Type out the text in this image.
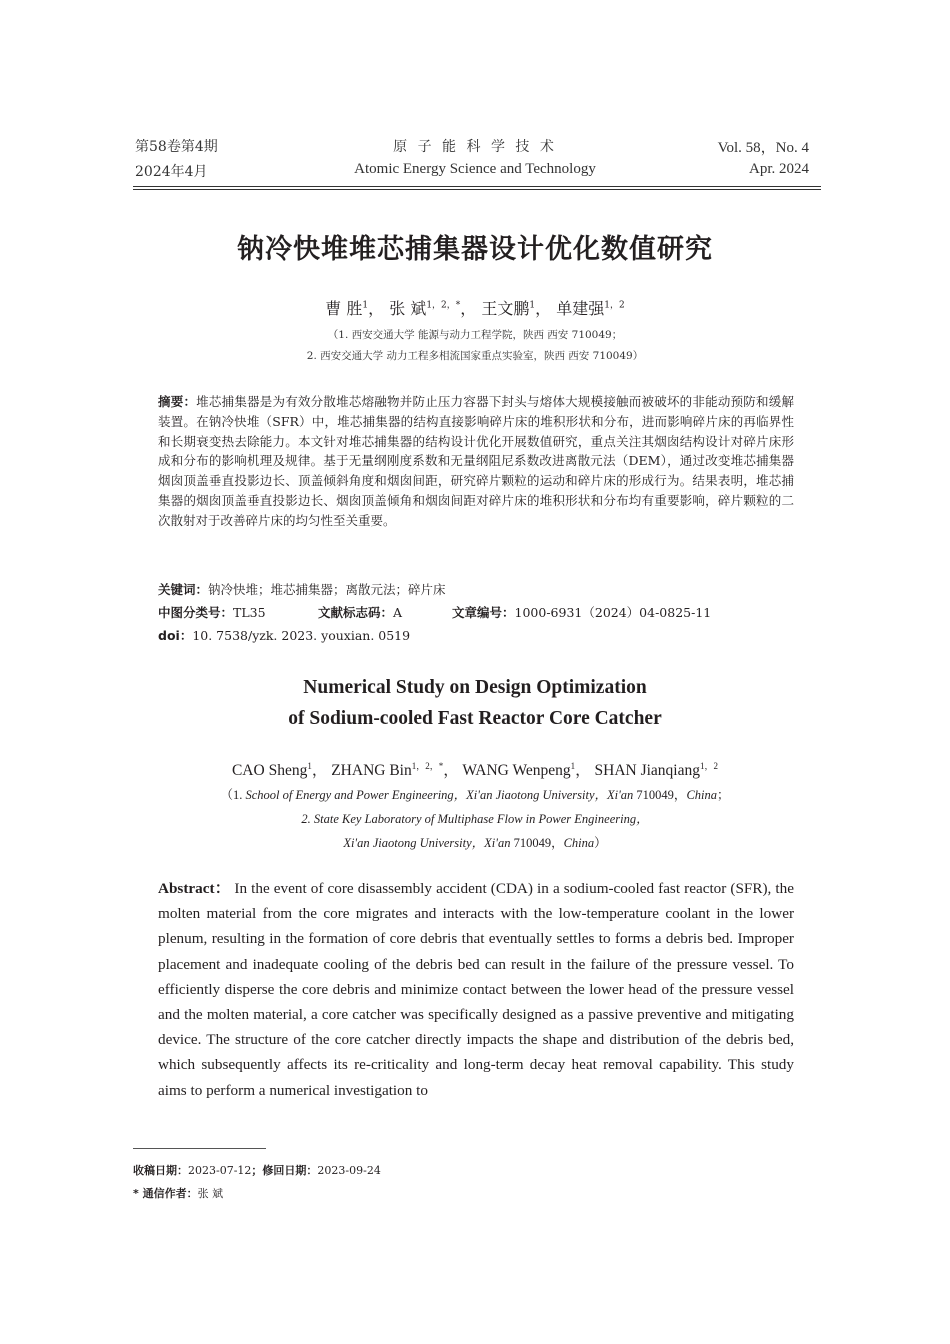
第58卷第4期
2024年4月
原 子 能 科 学 技 术
Atomic Energy Science and Technology
Vol. 58，No. 4
Apr. 2024
钠冷快堆堆芯捕集器设计优化数值研究
曹 胜$^1$， 张 斌$^{1,2,*}$， 王文鹏$^1$， 单建强$^{1,2}$
（1. 西安交通大学 能源与动力工程学院，陕西 西安 710049；
2. 西安交通大学 动力工程多相流国家重点实验室，陕西 西安 710049）
摘要：堆芯捕集器是为有效分散堆芯熔融物并防止压力容器下封头与熔体大规模接触而被破坏的非能动预防和缓解装置。在钠冷快堆（SFR）中，堆芯捕集器的结构直接影响碎片床的堆积形状和分布，进而影响碎片床的再临界性和长期衰变热去除能力。本文针对堆芯捕集器的结构设计优化开展数值研究，重点关注其烟囱结构设计对碎片床形成和分布的影响机理及规律。基于无量纲刚度系数和无量纲阻尼系数改进离散元法（DEM），通过改变堆芯捕集器烟囱顶盖垂直投影边长、顶盖倾斜角度和烟囱间距，研究碎片颗粒的运动和碎片床的形成行为。结果表明，堆芯捕集器的烟囱顶盖垂直投影边长、烟囱顶盖倾角和烟囱间距对碎片床的堆积形状和分布均有重要影响，碎片颗粒的二次散射对于改善碎片床的均匀性至关重要。
关键词：钠冷快堆；堆芯捕集器；离散元法；碎片床
中图分类号：TL35	文献标志码：A	文章编号：1000-6931（2024）04-0825-11
doi：10. 7538/yzk. 2023. youxian. 0519
Numerical Study on Design Optimization
of Sodium-cooled Fast Reactor Core Catcher
CAO Sheng$^1$， ZHANG Bin$^{1,2,*}$， WANG Wenpeng$^1$， SHAN Jianqiang$^{1,2}$
（1. School of Energy and Power Engineering，Xi'an Jiaotong University，Xi'an 710049，China；
2. State Key Laboratory of Multiphase Flow in Power Engineering，
Xi'an Jiaotong University，Xi'an 710049，China）
Abstract： In the event of core disassembly accident (CDA) in a sodium-cooled fast reactor (SFR), the molten material from the core migrates and interacts with the low-temperature coolant in the lower plenum, resulting in the formation of core debris that eventually settles to forms a debris bed. Improper placement and inadequate cooling of the debris bed can result in the failure of the pressure vessel. To efficiently disperse the core debris and minimize contact between the lower head of the pressure vessel and the molten material, a core catcher was specifically designed as a passive preventive and mitigating device. The structure of the core catcher directly impacts the shape and distribution of the debris bed, which subsequently affects its re-criticality and long-term decay heat removal capability. This study aims to perform a numerical investigation to
收稿日期：2023-07-12；修回日期：2023-09-24
* 通信作者：张 斌
